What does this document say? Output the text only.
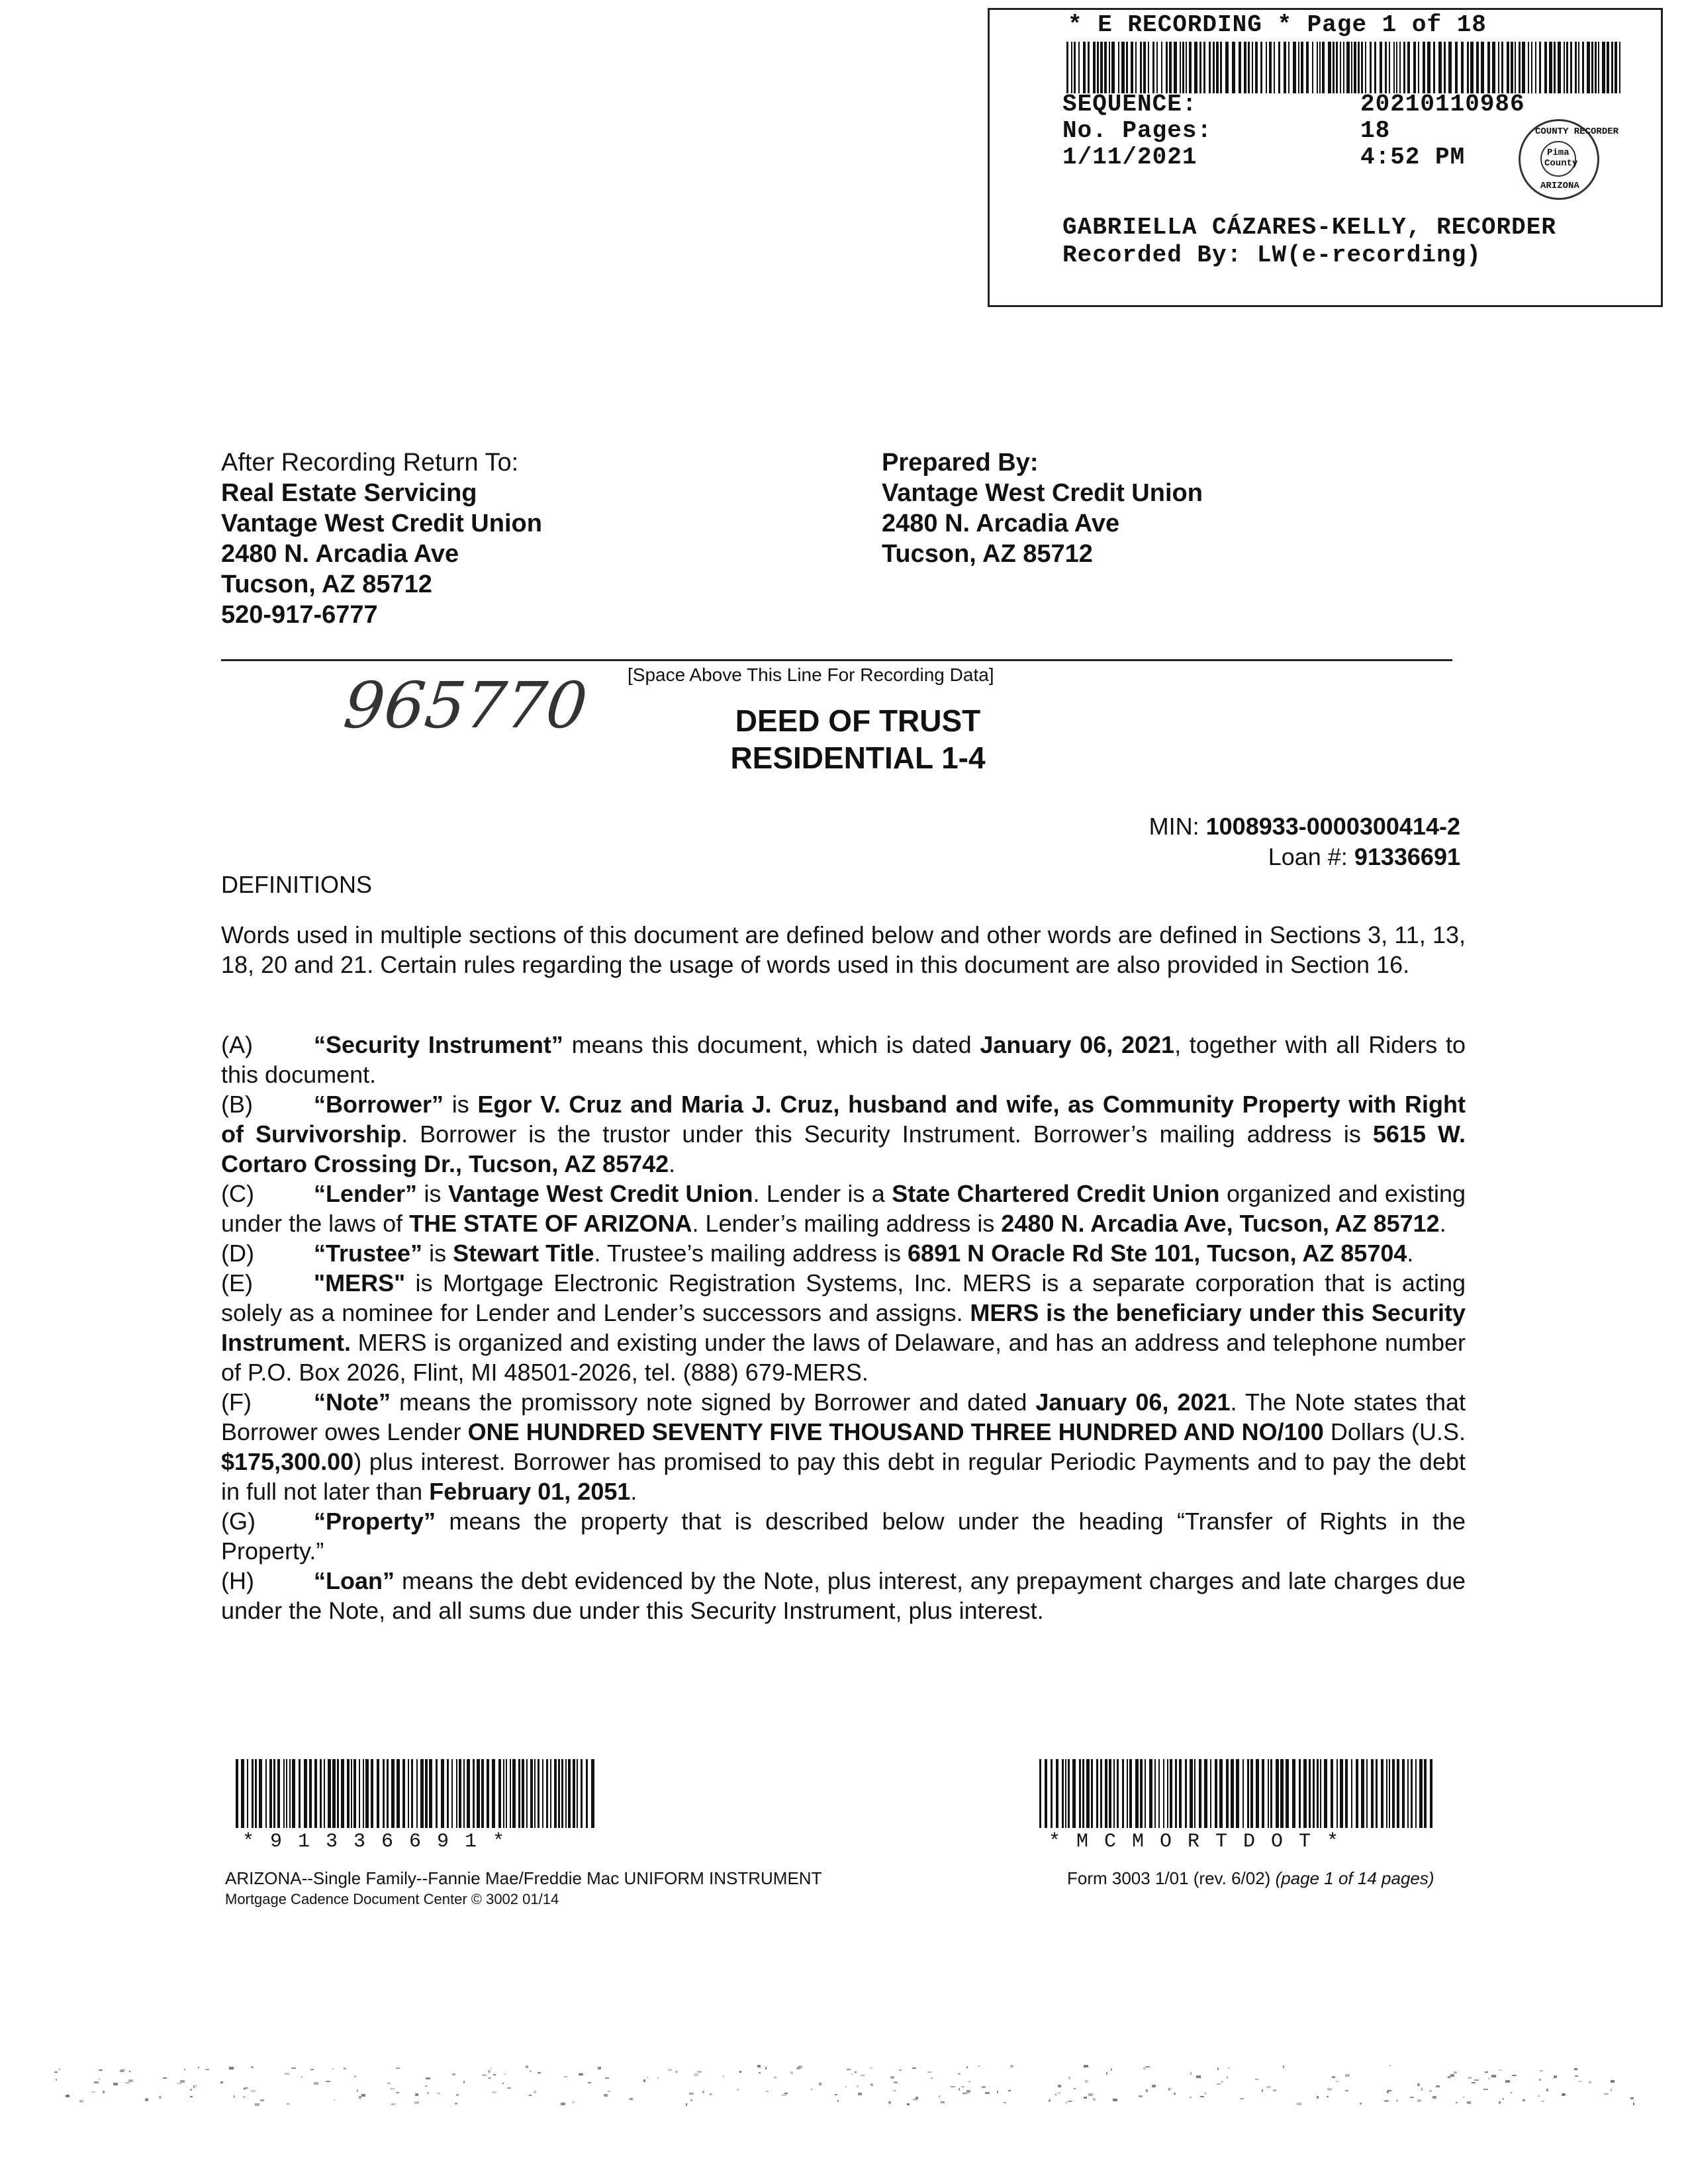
* E RECORDING * Page 1 of 18
SEQUENCE:	20210110986
No. Pages:	18
1/11/2021	4:52 PM
COUNTY RECORDER
Pima
County
ARIZONA
GABRIELLA CÁZARES-KELLY, RECORDER
Recorded By: LW(e-recording)
After Recording Return To:
Real Estate Servicing
Vantage West Credit Union
2480 N. Arcadia Ave
Tucson, AZ 85712
520-917-6777
Prepared By:
Vantage West Credit Union
2480 N. Arcadia Ave
Tucson, AZ 85712
965770 [Space Above This Line For Recording Data]
DEED OF TRUST
RESIDENTIAL 1-4
MIN: 1008933-0000300414-2
Loan #: 91336691
DEFINITIONS
Words used in multiple sections of this document are defined below and other words are defined in Sections 3, 11, 13, 18, 20 and 21. Certain rules regarding the usage of words used in this document are also provided in Section 16.
(A)	“Security Instrument” means this document, which is dated January 06, 2021, together with all Riders to this document.
(B)	“Borrower” is Egor V. Cruz and Maria J. Cruz, husband and wife, as Community Property with Right of Survivorship. Borrower is the trustor under this Security Instrument. Borrower’s mailing address is 5615 W. Cortaro Crossing Dr., Tucson, AZ 85742.
(C)	“Lender” is Vantage West Credit Union. Lender is a State Chartered Credit Union organized and existing under the laws of THE STATE OF ARIZONA. Lender’s mailing address is 2480 N. Arcadia Ave, Tucson, AZ 85712.
(D)	“Trustee” is Stewart Title. Trustee’s mailing address is 6891 N Oracle Rd Ste 101, Tucson, AZ 85704.
(E)	"MERS" is Mortgage Electronic Registration Systems, Inc. MERS is a separate corporation that is acting solely as a nominee for Lender and Lender’s successors and assigns. MERS is the beneficiary under this Security Instrument. MERS is organized and existing under the laws of Delaware, and has an address and telephone number of P.O. Box 2026, Flint, MI 48501-2026, tel. (888) 679-MERS.
(F)	“Note” means the promissory note signed by Borrower and dated January 06, 2021. The Note states that Borrower owes Lender ONE HUNDRED SEVENTY FIVE THOUSAND THREE HUNDRED AND NO/100 Dollars (U.S. $175,300.00) plus interest. Borrower has promised to pay this debt in regular Periodic Payments and to pay the debt in full not later than February 01, 2051.
(G) “Property” means the property that is described below under the heading “Transfer of Rights in the Property.”
(H)	“Loan” means the debt evidenced by the Note, plus interest, any prepayment charges and late charges due under the Note, and all sums due under this Security Instrument, plus interest.
*91336691*	*MCMORTDOT*
ARIZONA--Single Family--Fannie Mae/Freddie Mac UNIFORM INSTRUMENT
Mortgage Cadence Document Center © 3002 01/14
Form 3003 1/01 (rev. 6/02) (page 1 of 14 pages)
